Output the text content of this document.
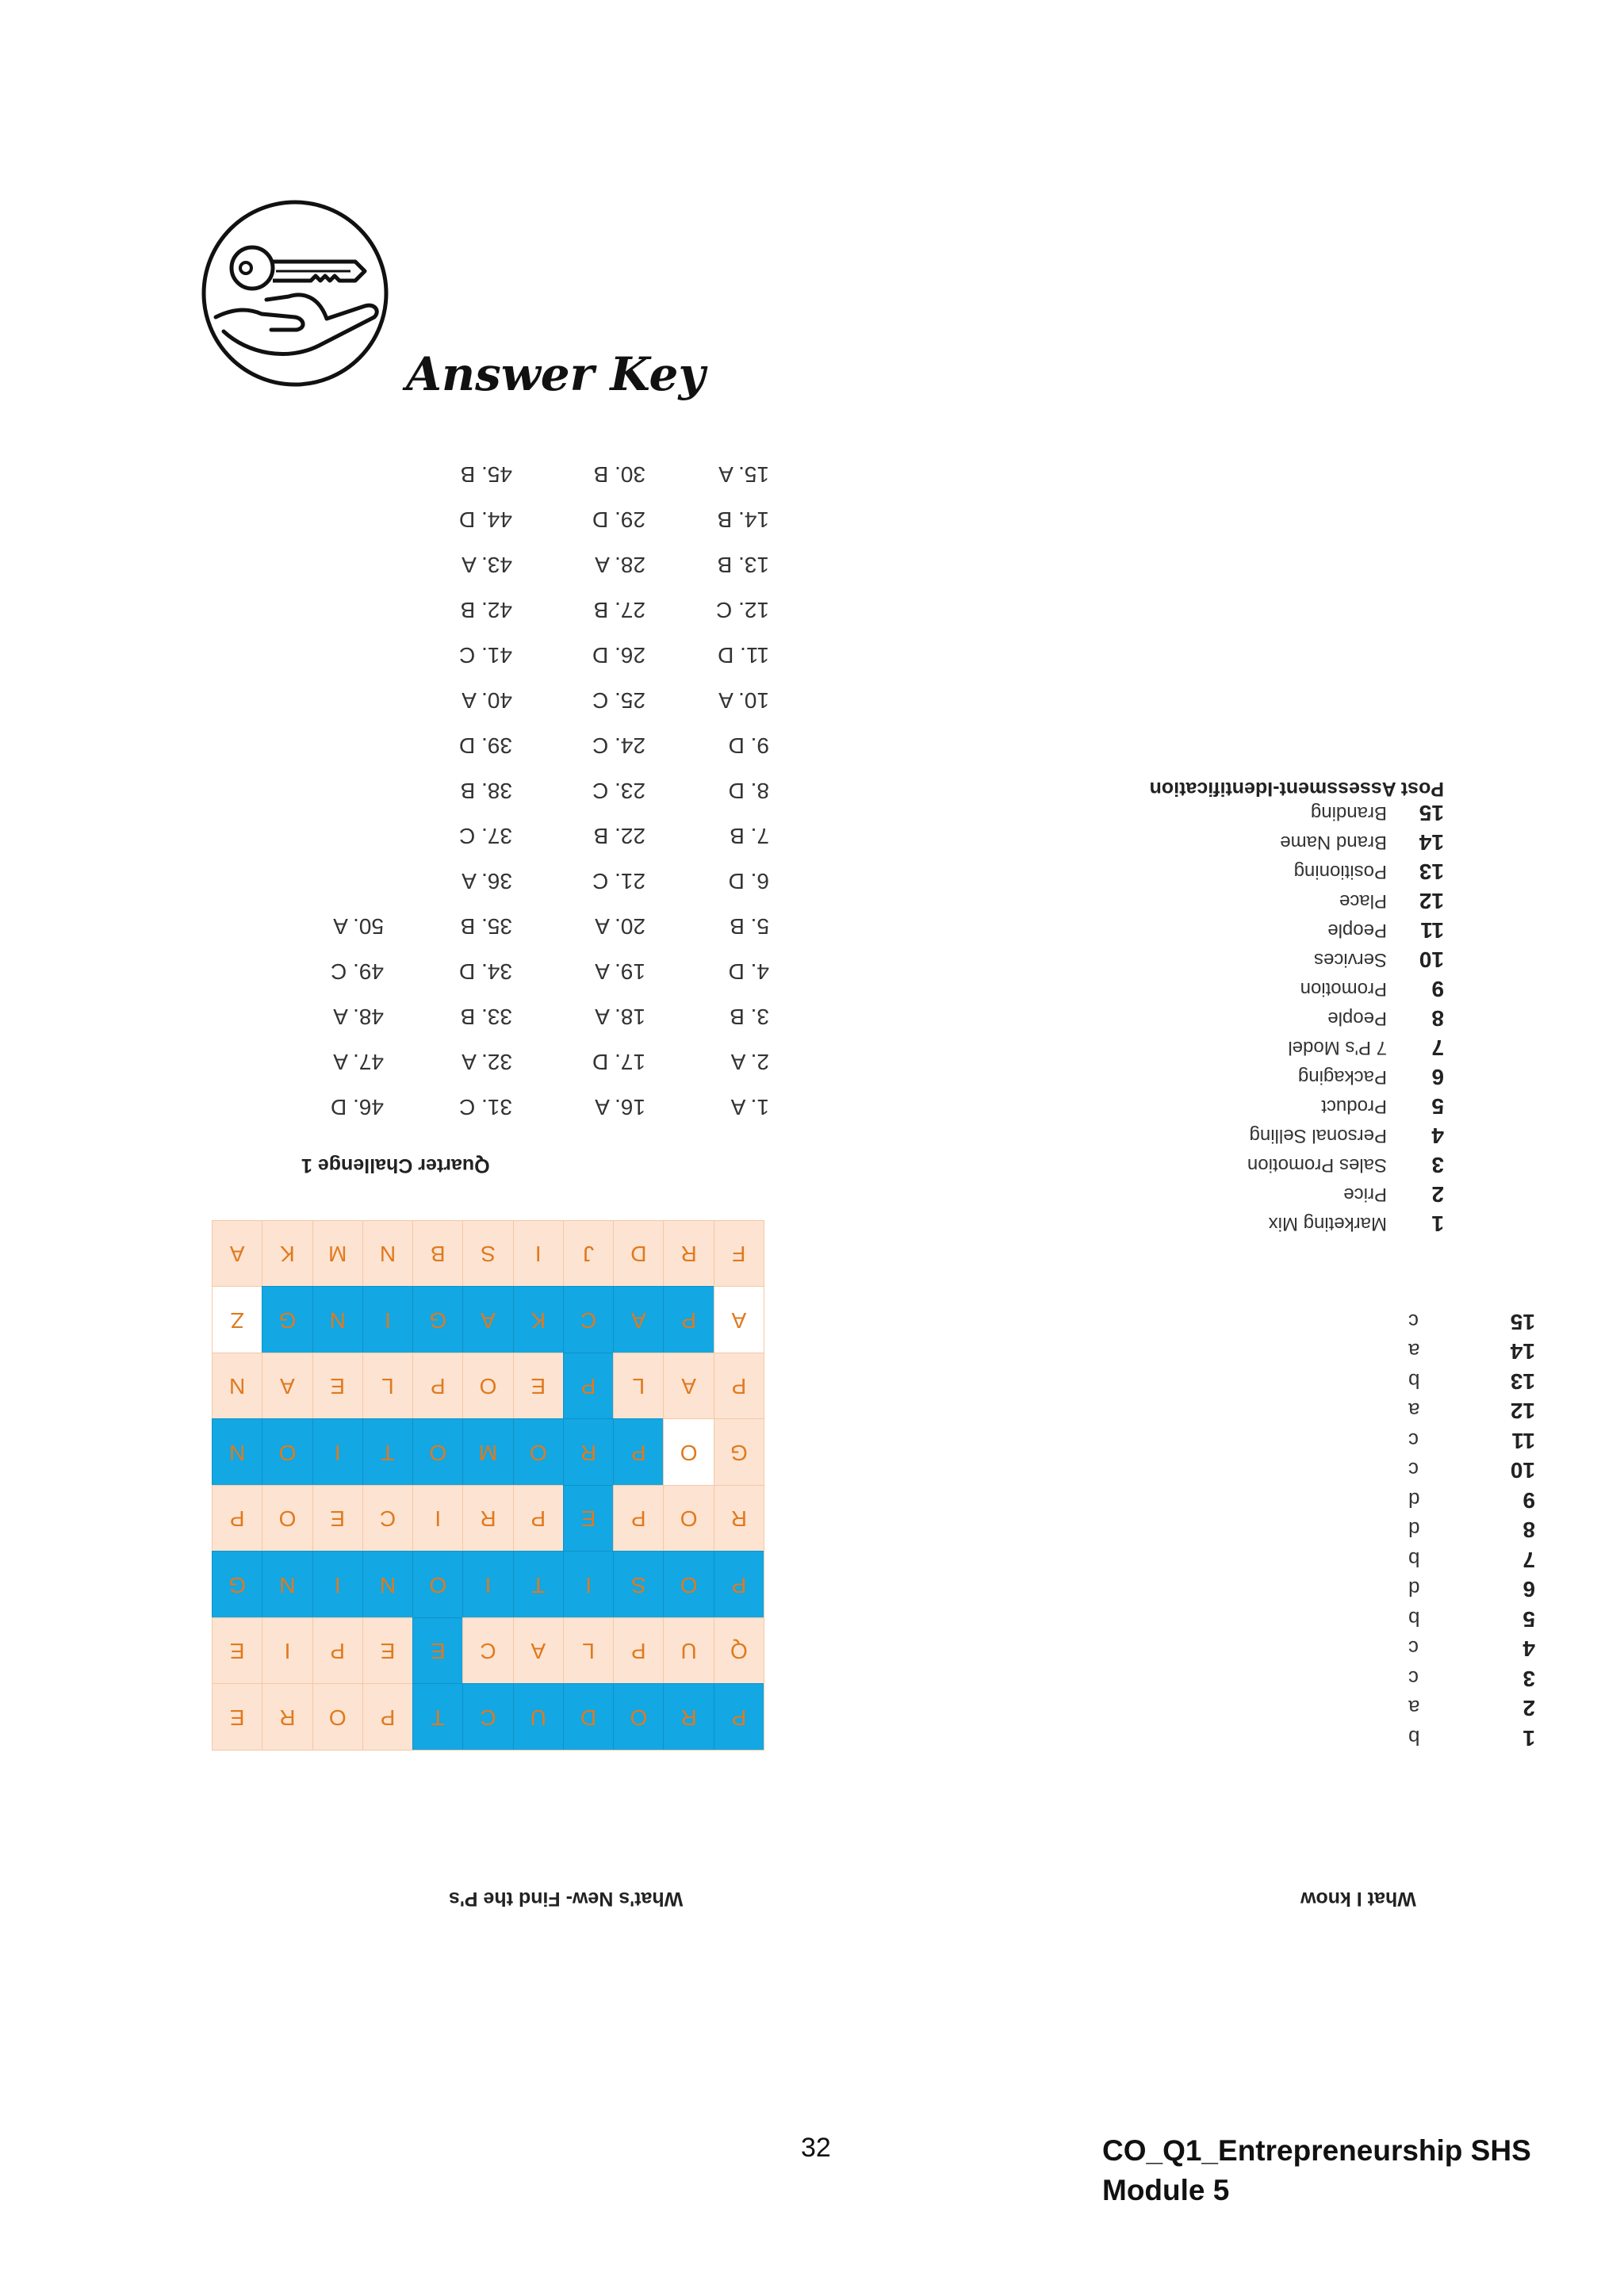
Answer Key
Quarter Challenge 1
1. A
2. A
3. B
4. D
5. B
6. D
7. B
8. D
9. D
10. A
11. D
12. C
13. B
14. B
15. A
16. A
17. D
18. A
19. A
20. A
21. C
22. B
23. C
24. C
25. C
26. D
27. B
28. A
29. D
30. B
31. C
32. A
33. B
34. D
35. B
36. A
37. C
38. B
39. D
40. A
41. C
42. B
43. A
44. D
45. B
46. D
47. A
48. A
49. C
50. A
P
R
O
D
U
C
T
P
O
R
E
Q
U
P
L
A
C
E
E
P
I
E
P
O
S
I
T
I
O
N
I
N
G
R
O
P
E
P
R
I
C
E
O
P
G
O
P
R
O
M
O
T
I
O
N
P
A
L
P
E
O
P
L
E
A
N
A
P
A
C
K
A
G
I
N
G
Z
F
R
D
J
I
S
B
N
M
K
A
What's New- Find the P's
Post Assessment-Identification
1
Marketing Mix
2
Price
3
Sales Promotion
4
Personal Selling
5
Product
6
Packaging
7
7 P's Model
8
People
9
Promotion
10
Services
11
People
12
Place
13
Positioning
14
Brand Name
15
Branding
1
b
2
a
3
c
4
c
5
b
6
d
7
b
8
d
9
d
10
c
11
c
12
a
13
b
14
a
15
c
What I know
32	CO_Q1_Entrepreneurship SHS
Module 5
